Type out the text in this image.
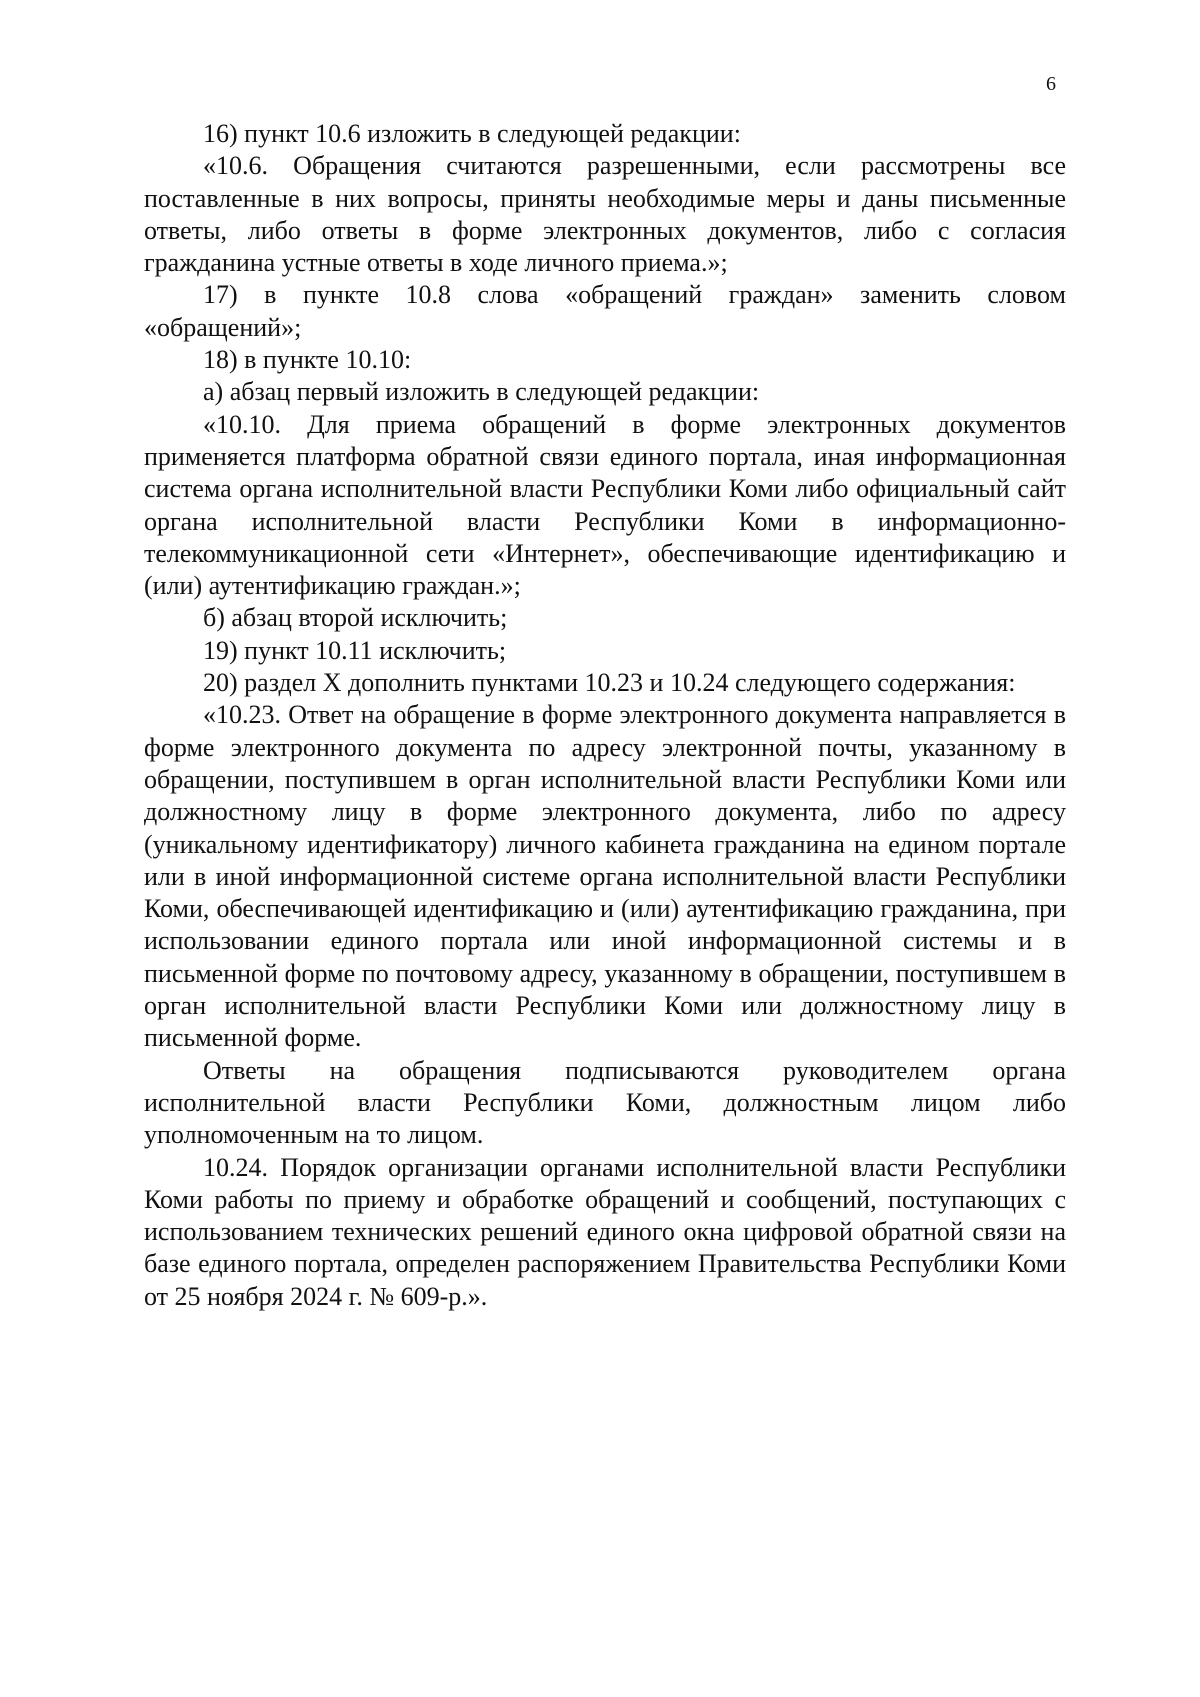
6

16) пункт 10.6 изложить в следующей редакции:

«10.6. Обращения считаются разрешенными, если рассмотрены все поставленные в них вопросы, приняты необходимые меры и даны письменные ответы, либо ответы в форме электронных документов, либо с согласия гражданина устные ответы в ходе личного приема.»;

17) в пункте 10.8 слова «обращений граждан» заменить словом «обращений»;

18) в пункте 10.10:

а) абзац первый изложить в следующей редакции:

«10.10. Для приема обращений в форме электронных документов применяется платформа обратной связи единого портала, иная информационная система органа исполнительной власти Республики Коми либо официальный сайт органа исполнительной власти Республики Коми в информационно-телекоммуникационной сети «Интернет», обеспечивающие идентификацию и (или) аутентификацию граждан.»;

б) абзац второй исключить;

19) пункт 10.11 исключить;

20) раздел X дополнить пунктами 10.23 и 10.24 следующего содержания:

«10.23. Ответ на обращение в форме электронного документа направляется в форме электронного документа по адресу электронной почты, указанному в обращении, поступившем в орган исполнительной власти Республики Коми или должностному лицу в форме электронного документа, либо по адресу (уникальному идентификатору) личного кабинета гражданина на едином портале или в иной информационной системе органа исполнительной власти Республики Коми, обеспечивающей идентификацию и (или) аутентификацию гражданина, при использовании единого портала или иной информационной системы и в письменной форме по почтовому адресу, указанному в обращении, поступившем в орган исполнительной власти Республики Коми или должностному лицу в письменной форме.

Ответы на обращения подписываются руководителем органа исполнительной власти Республики Коми, должностным лицом либо уполномоченным на то лицом.

10.24. Порядок организации органами исполнительной власти Республики Коми работы по приему и обработке обращений и сообщений, поступающих с использованием технических решений единого окна цифровой обратной связи на базе единого портала, определен распоряжением Правительства Республики Коми от 25 ноября 2024 г. № 609-р.».
